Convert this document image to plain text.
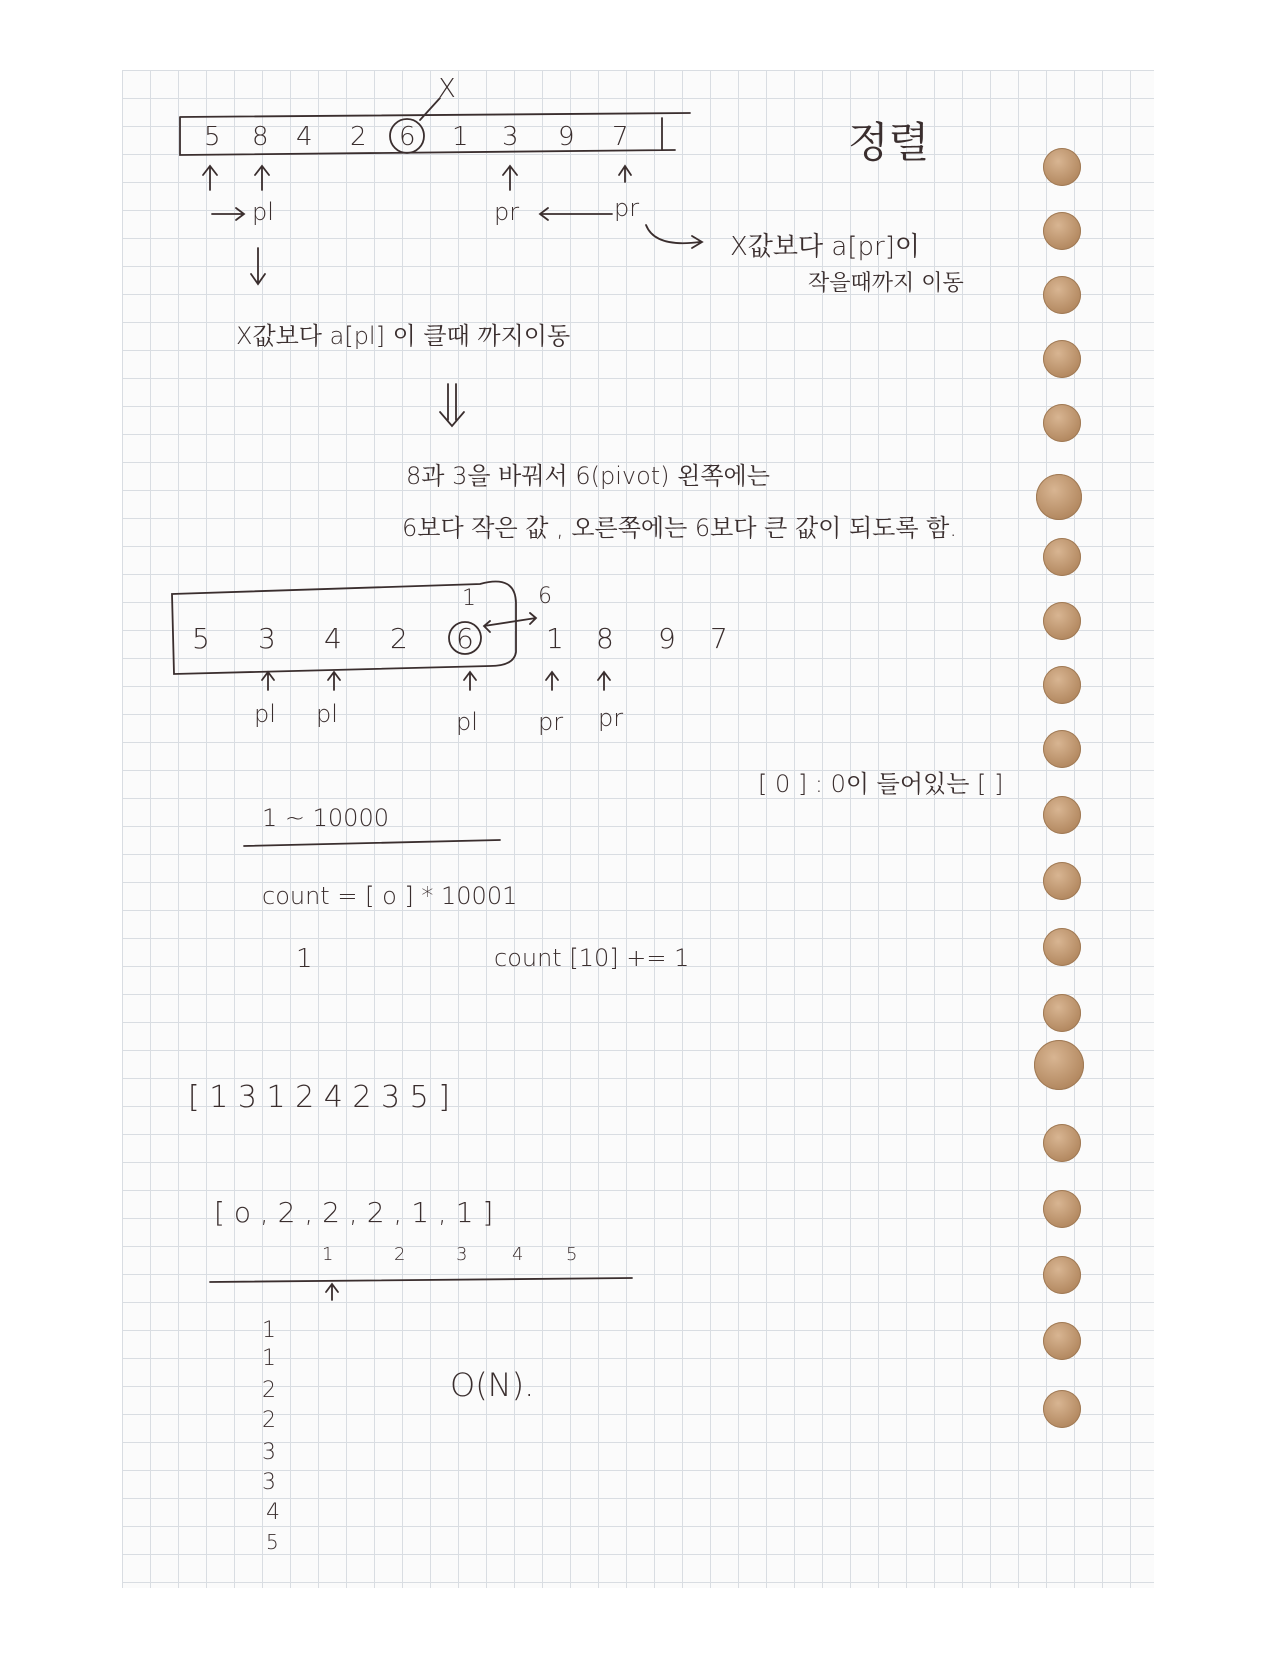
정렬
X
5 8 4 2 6 1 3 9 7
pl	pr	pr
X값보다 a[pr]이
작을때까지 이동
X값보다 a[pl] 이 클때 까지이동
8과 3을 바꿔서 6(pivot) 왼쪽에는
6보다 작은 값 , 오른쪽에는 6보다 큰 값이 되도록 함.
5 3 4 2 6	1 8 9 7
1	6
pl pl	pl	pr pr
[ 0 ] : 0이 들어있는 [ ]
1 ~ 10000
count = [ o ] * 10001
1	count [10] += 1
[ 1 3 1 2 4 2 3 5 ]
[ o , 2 , 2 , 2 , 1 , 1 ]
1	2	3 4 5
1
1
2
2
3
3
4
5
O(N).
